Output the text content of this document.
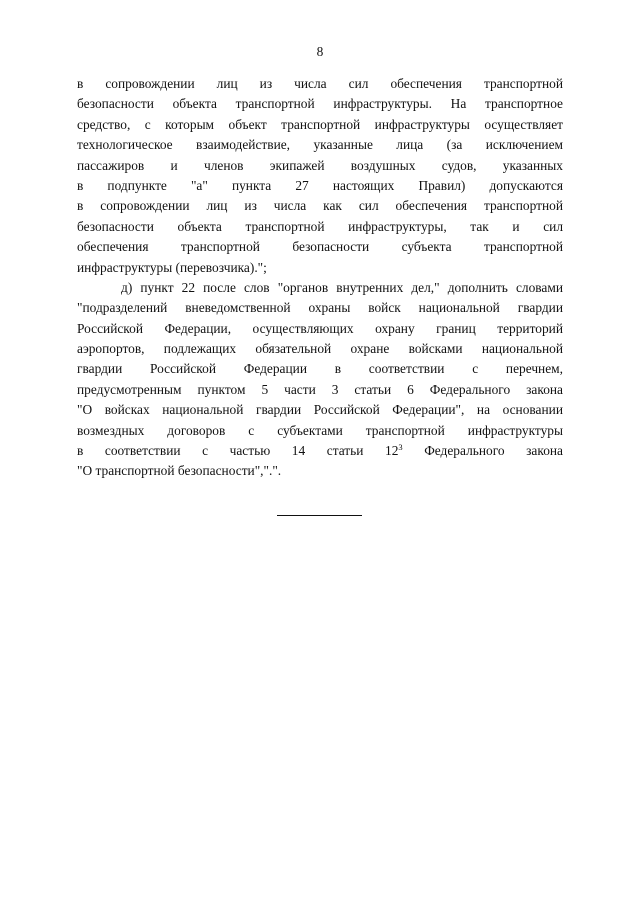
8
в сопровождении лиц из числа сил обеспечения транспортной
безопасности объекта транспортной инфраструктуры. На транспортное
средство, с которым объект транспортной инфраструктуры осуществляет
технологическое взаимодействие, указанные лица (за исключением
пассажиров и членов экипажей воздушных судов, указанных
в подпункте "а" пункта 27 настоящих Правил) допускаются
в сопровождении лиц из числа как сил обеспечения транспортной
безопасности объекта транспортной инфраструктуры, так и сил
обеспечения транспортной безопасности субъекта транспортной
инфраструктуры (перевозчика).";
д) пункт 22 после слов "органов внутренних дел," дополнить словами
"подразделений вневедомственной охраны войск национальной гвардии
Российской Федерации, осуществляющих охрану границ территорий
аэропортов, подлежащих обязательной охране войсками национальной
гвардии Российской Федерации в соответствии с перечнем,
предусмотренным пунктом 5 части 3 статьи 6 Федерального закона
"О войсках национальной гвардии Российской Федерации", на основании
возмездных договоров с субъектами транспортной инфраструктуры
в соответствии с частью 14 статьи $12^3$ Федерального закона
"О транспортной безопасности",".".
